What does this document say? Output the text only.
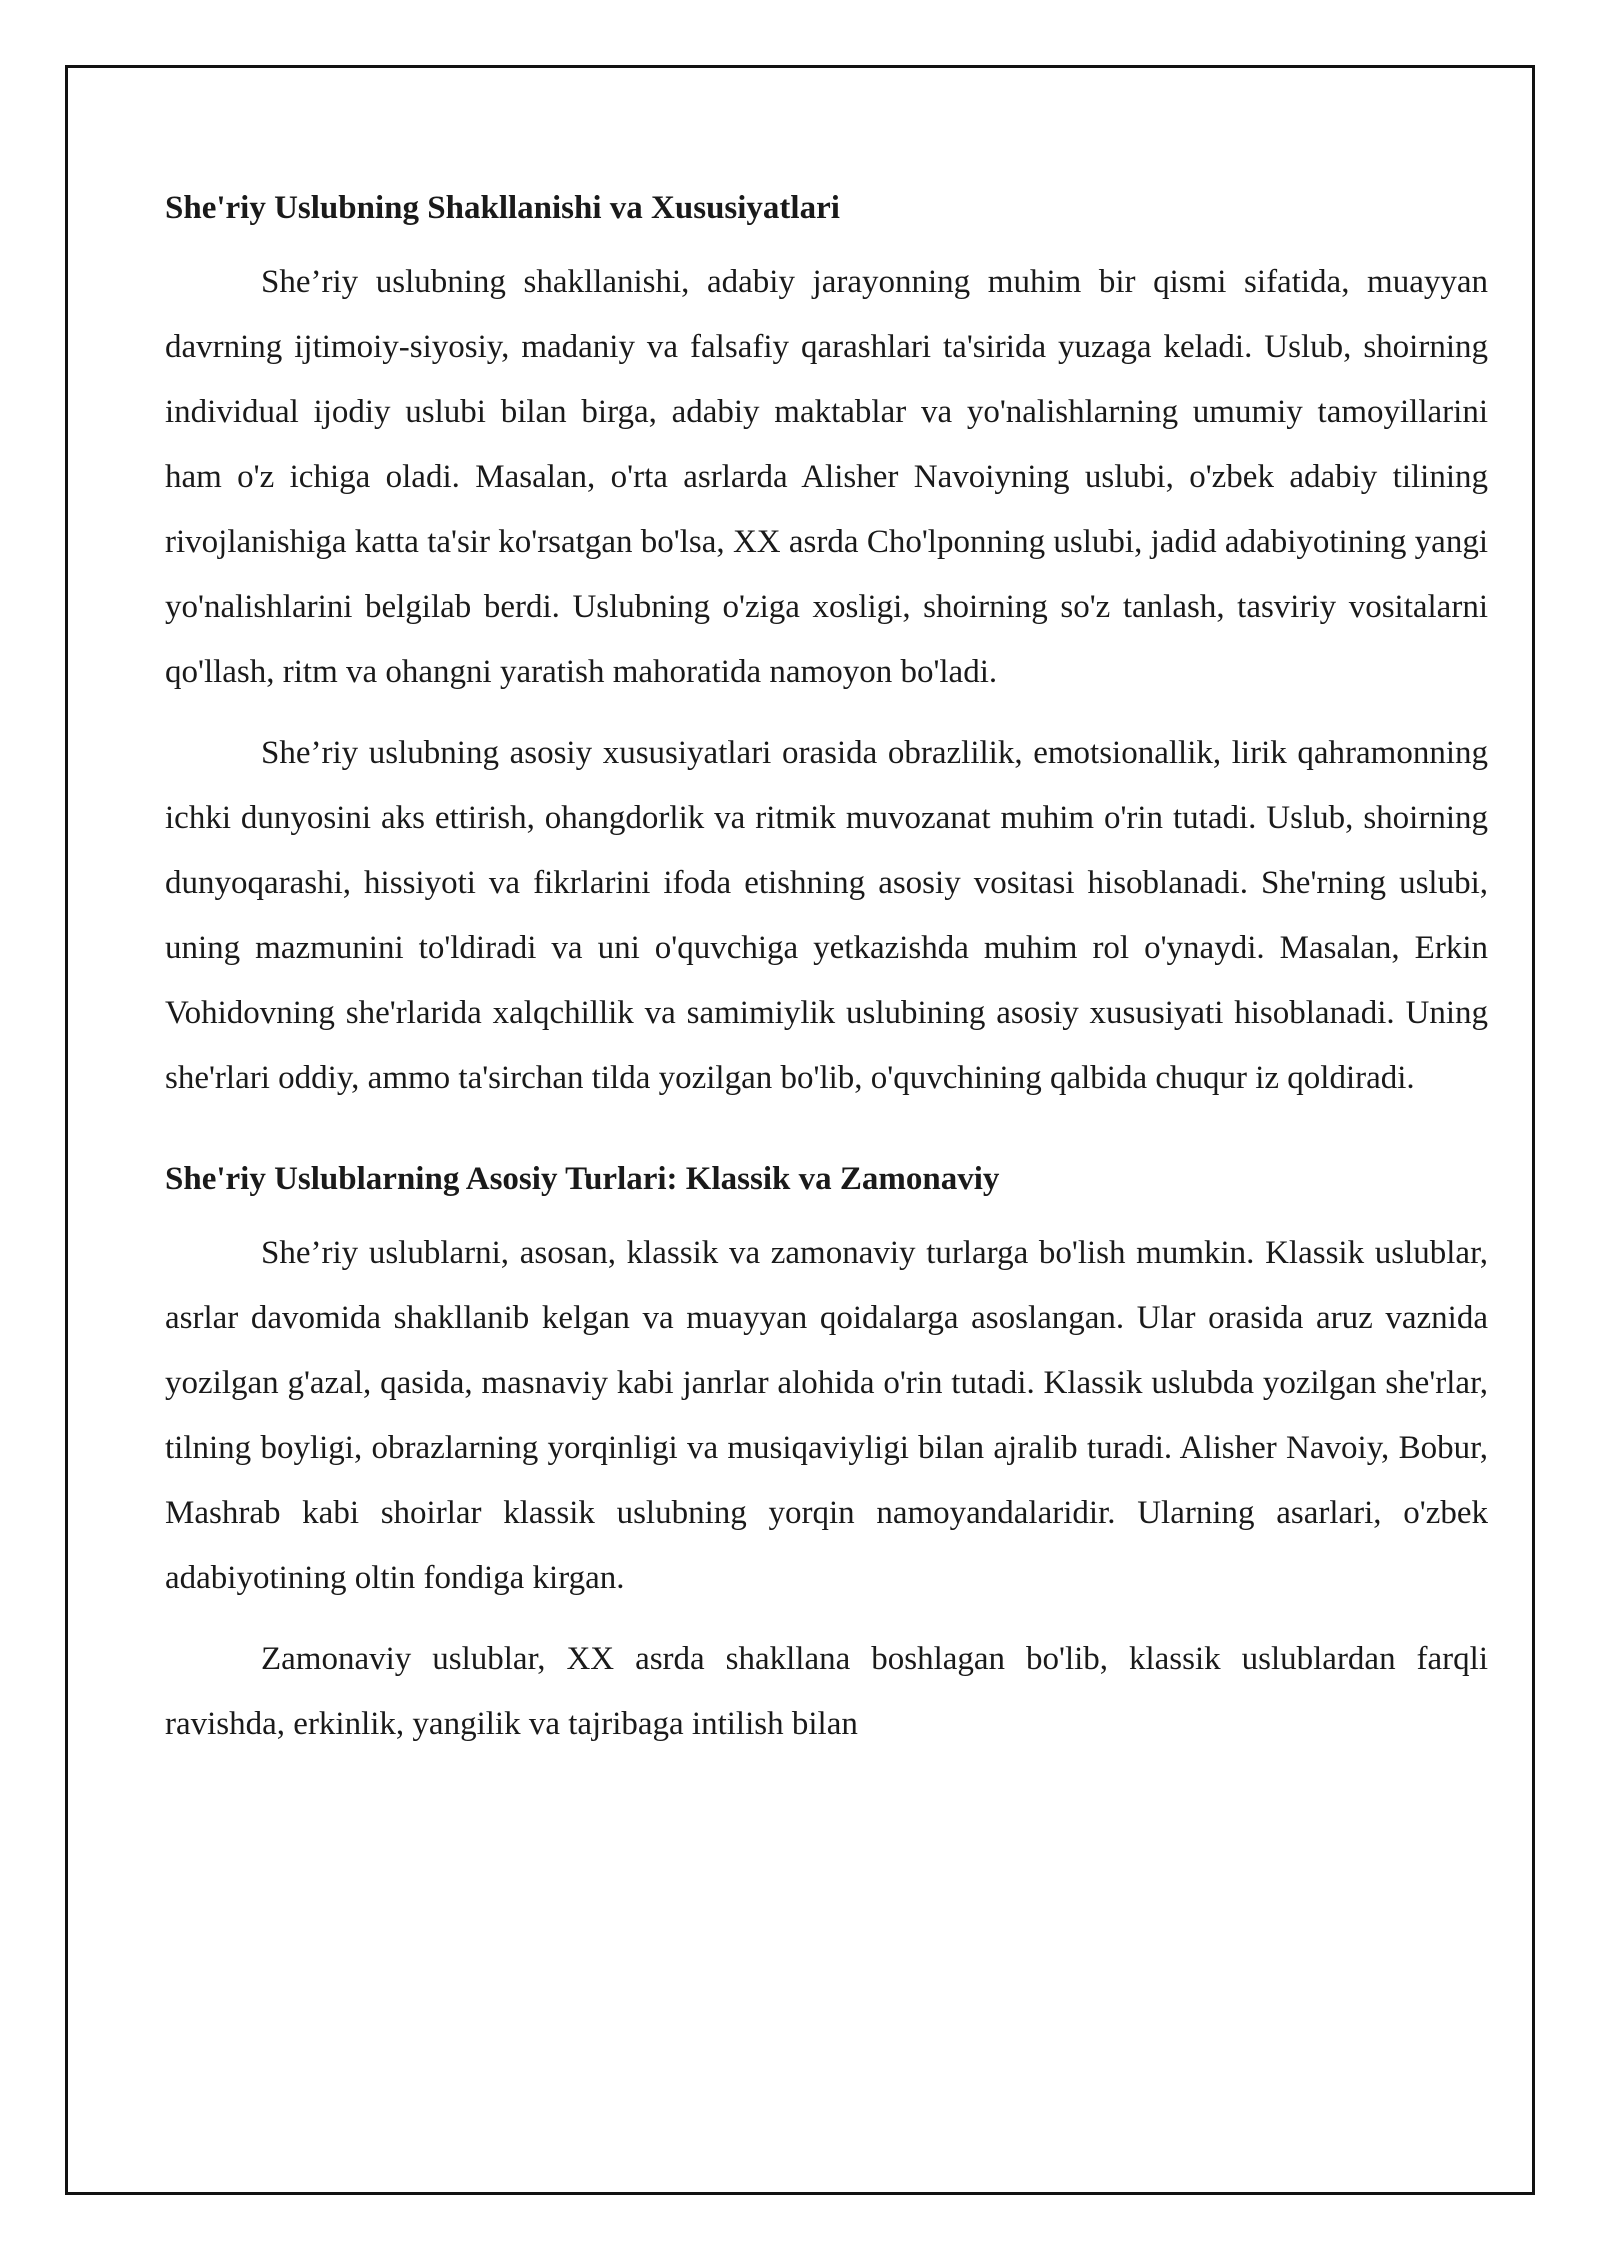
She'riy Uslubning Shakllanishi va Xususiyatlari

She’riy uslubning shakllanishi, adabiy jarayonning muhim bir qismi sifatida, muayyan davrning ijtimoiy-siyosiy, madaniy va falsafiy qarashlari ta'sirida yuzaga keladi. Uslub, shoirning individual ijodiy uslubi bilan birga, adabiy maktablar va yo'nalishlarning umumiy tamoyillarini ham o'z ichiga oladi. Masalan, o'rta asrlarda Alisher Navoiyning uslubi, o'zbek adabiy tilining rivojlanishiga katta ta'sir ko'rsatgan bo'lsa, XX asrda Cho'lponning uslubi, jadid adabiyotining yangi yo'nalishlarini belgilab berdi. Uslubning o'ziga xosligi, shoirning so'z tanlash, tasviriy vositalarni qo'llash, ritm va ohangni yaratish mahoratida namoyon bo'ladi.

She’riy uslubning asosiy xususiyatlari orasida obrazlilik, emotsionallik, lirik qahramonning ichki dunyosini aks ettirish, ohangdorlik va ritmik muvozanat muhim o'rin tutadi. Uslub, shoirning dunyoqarashi, hissiyoti va fikrlarini ifoda etishning asosiy vositasi hisoblanadi. She'rning uslubi, uning mazmunini to'ldiradi va uni o'quvchiga yetkazishda muhim rol o'ynaydi. Masalan, Erkin Vohidovning she'rlarida xalqchillik va samimiylik uslubining asosiy xususiyati hisoblanadi. Uning she'rlari oddiy, ammo ta'sirchan tilda yozilgan bo'lib, o'quvchining qalbida chuqur iz qoldiradi.

She'riy Uslublarning Asosiy Turlari: Klassik va Zamonaviy

She’riy uslublarni, asosan, klassik va zamonaviy turlarga bo'lish mumkin. Klassik uslublar, asrlar davomida shakllanib kelgan va muayyan qoidalarga asoslangan. Ular orasida aruz vaznida yozilgan g'azal, qasida, masnaviy kabi janrlar alohida o'rin tutadi. Klassik uslubda yozilgan she'rlar, tilning boyligi, obrazlarning yorqinligi va musiqaviyligi bilan ajralib turadi. Alisher Navoiy, Bobur, Mashrab kabi shoirlar klassik uslubning yorqin namoyandalaridir. Ularning asarlari, o'zbek adabiyotining oltin fondiga kirgan.

Zamonaviy uslublar, XX asrda shakllana boshlagan bo'lib, klassik uslublardan farqli ravishda, erkinlik, yangilik va tajribaga intilish bilan
